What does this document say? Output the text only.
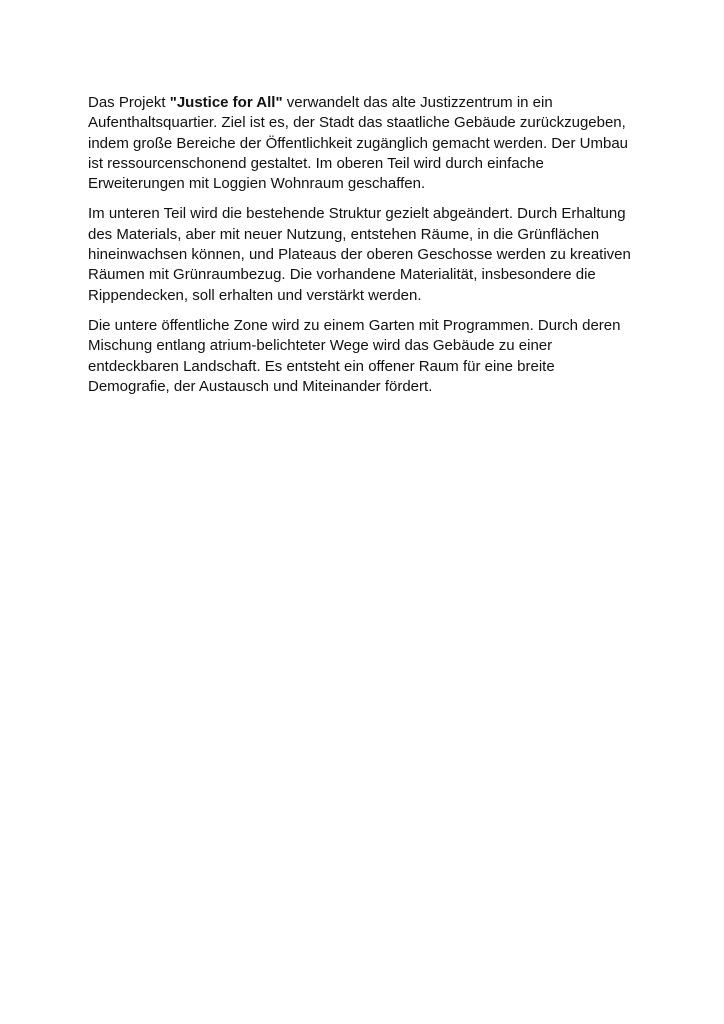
Das Projekt "Justice for All" verwandelt das alte Justizzentrum in ein Aufenthaltsquartier. Ziel ist es, der Stadt das staatliche Gebäude zurückzugeben, indem große Bereiche der Öffentlichkeit zugänglich gemacht werden. Der Umbau ist ressourcenschonend gestaltet. Im oberen Teil wird durch einfache Erweiterungen mit Loggien Wohnraum geschaffen.

Im unteren Teil wird die bestehende Struktur gezielt abgeändert. Durch Erhaltung des Materials, aber mit neuer Nutzung, entstehen Räume, in die Grünflächen hineinwachsen können, und Plateaus der oberen Geschosse werden zu kreativen Räumen mit Grünraumbezug. Die vorhandene Materialität, insbesondere die Rippendecken, soll erhalten und verstärkt werden.

Die untere öffentliche Zone wird zu einem Garten mit Programmen. Durch deren Mischung entlang atrium-belichteter Wege wird das Gebäude zu einer entdeckbaren Landschaft. Es entsteht ein offener Raum für eine breite Demografie, der Austausch und Miteinander fördert.
